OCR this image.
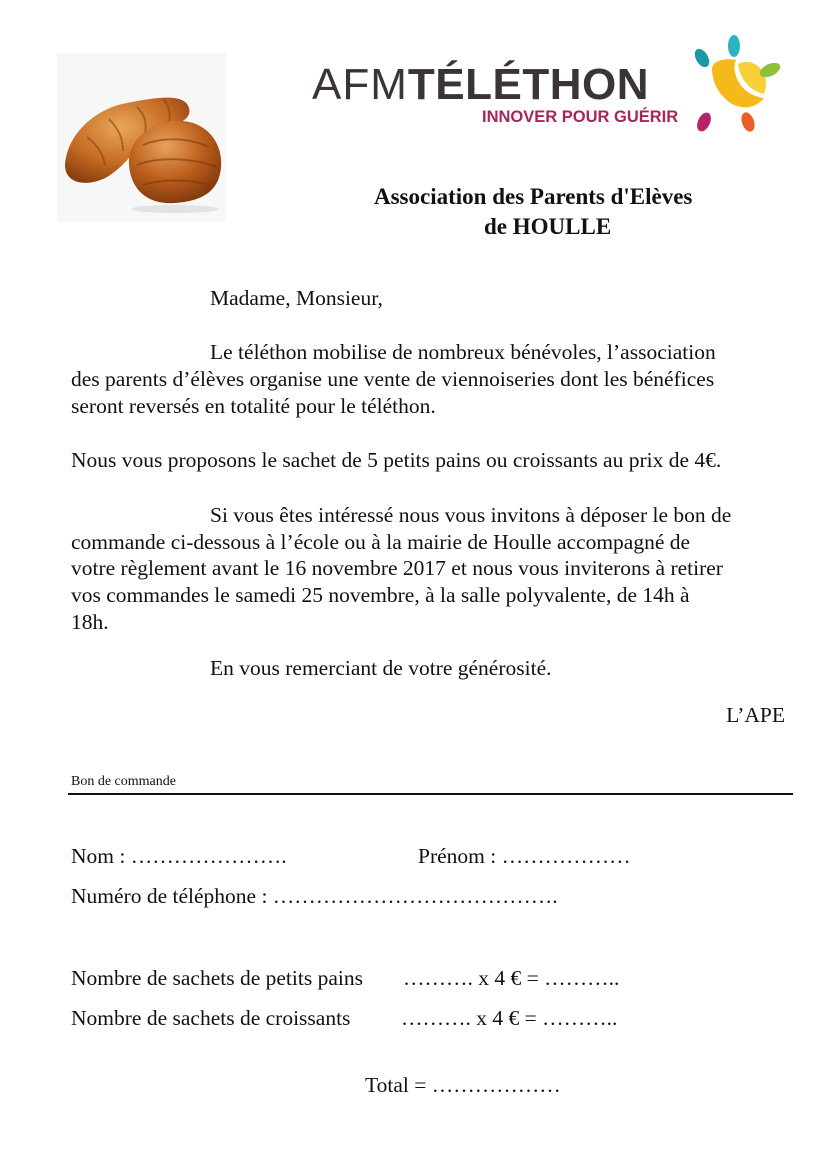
AFMTÉLÉTHON
INNOVER POUR GUÉRIR
Association des Parents d'Elèves
de HOULLE
Madame, Monsieur,
Le téléthon mobilise de nombreux bénévoles, l’association
des parents d’élèves organise une vente de viennoiseries dont les bénéfices
seront reversés en totalité pour le téléthon.
Nous vous proposons le sachet de 5 petits pains ou croissants au prix de 4€.
Si vous êtes intéressé nous vous invitons à déposer le bon de
commande ci-dessous à l’école ou à la mairie de Houlle accompagné de
votre règlement avant le 16 novembre 2017 et nous vous inviterons à retirer
vos commandes le samedi 25 novembre, à la salle polyvalente, de 14h à
18h.
En vous remerciant de votre générosité.
L’APE
Bon de commande
Nom : ………………….	Prénom : ………………
Numéro de téléphone : ………………………………….
Nombre de sachets de petits pains ………. x 4 € = ………..
Nombre de sachets de croissants ………. x 4 € = ………..
Total = ………………
